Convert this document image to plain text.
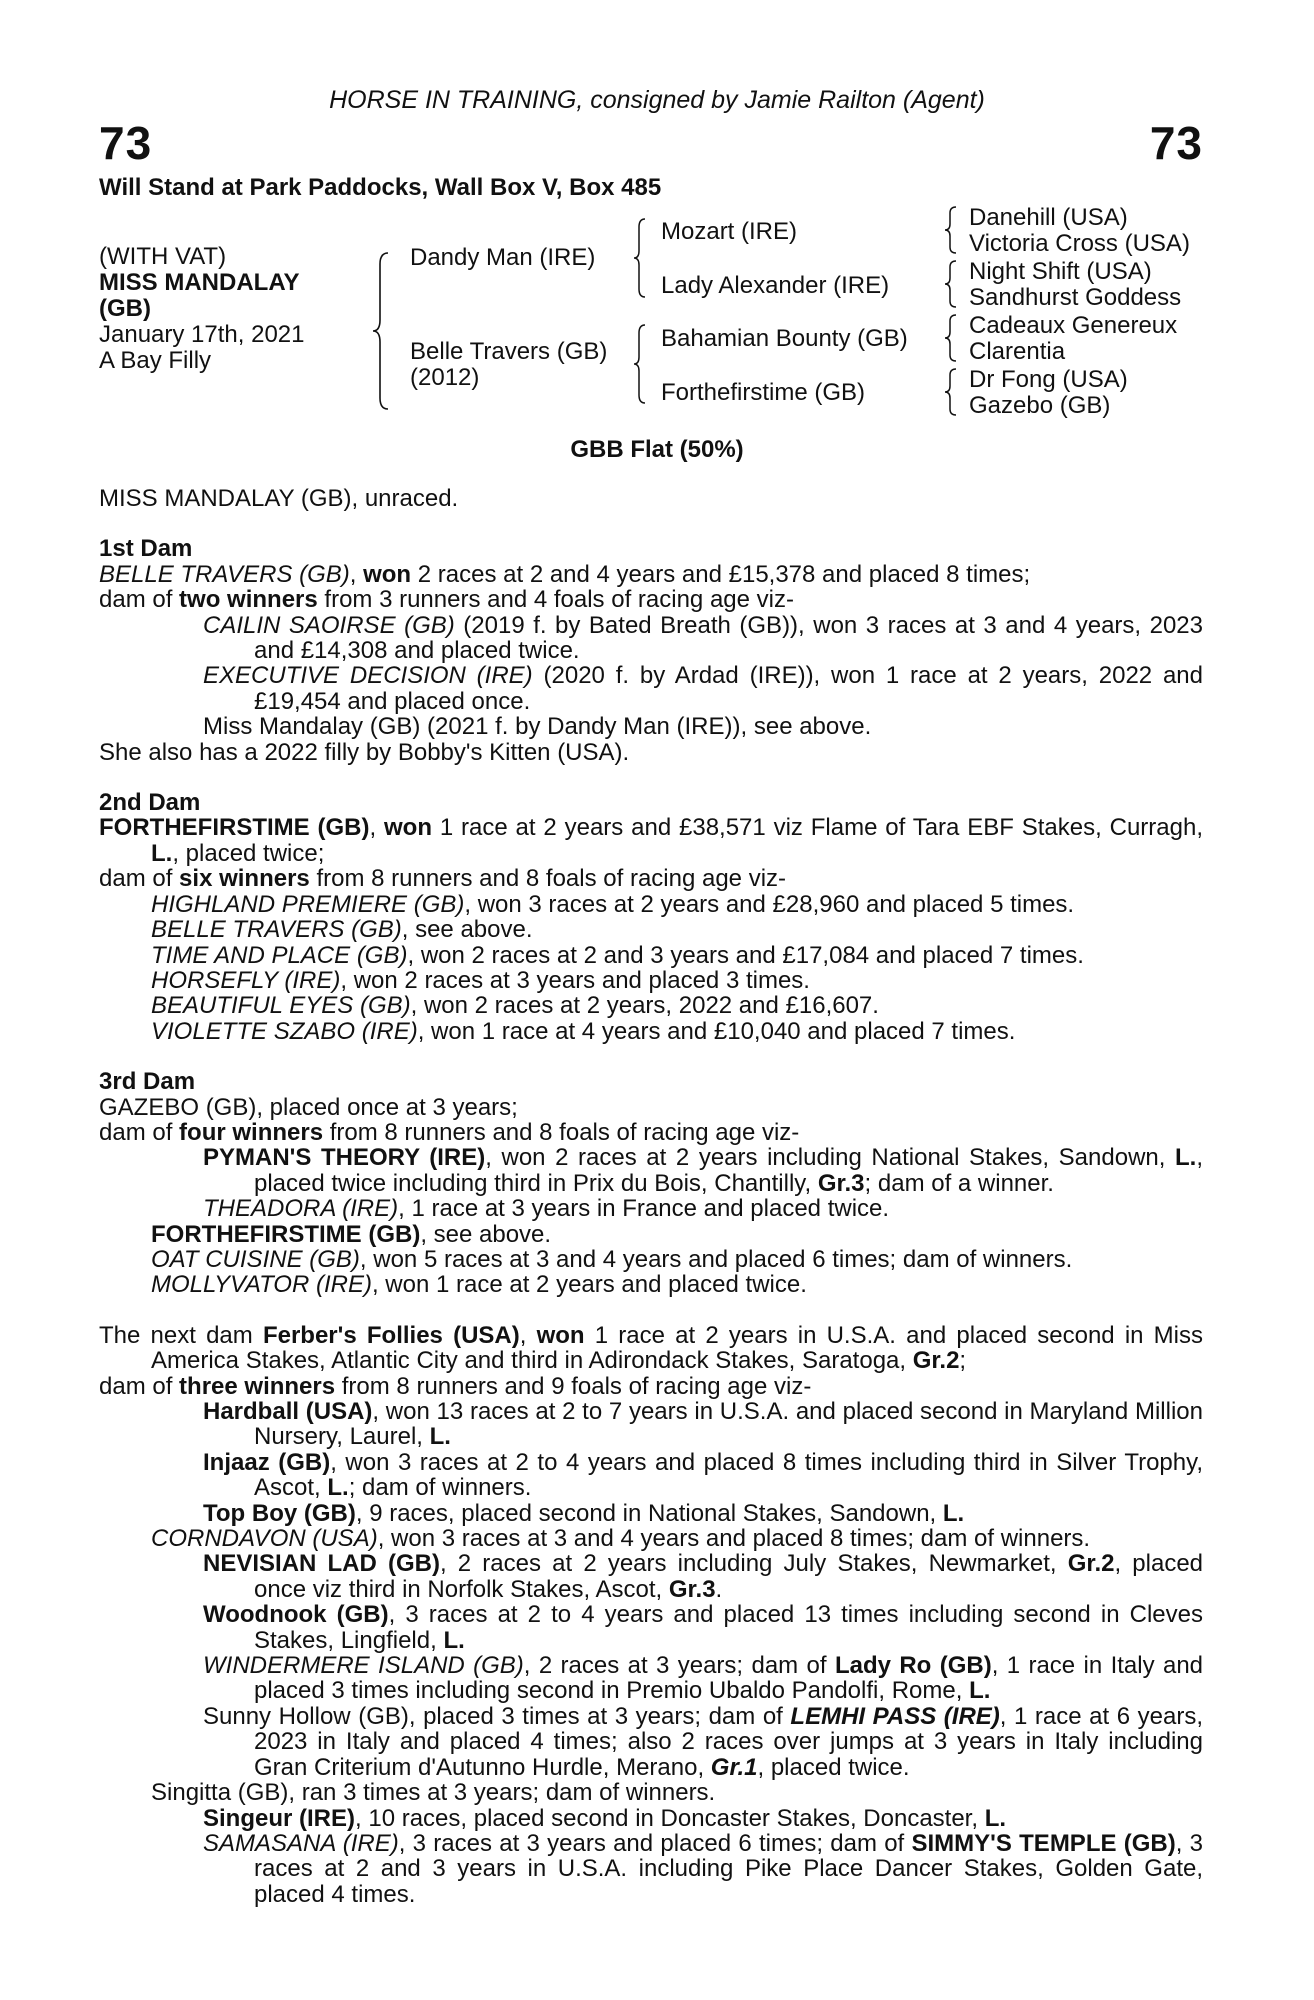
HORSE IN TRAINING, consigned by Jamie Railton (Agent)
73	73
Will Stand at Park Paddocks, Wall Box V, Box 485
(WITH VAT)
MISS MANDALAY
(GB)
January 17th, 2021
A Bay Filly
Dandy Man (IRE)
Belle Travers (GB)
(2012)
Mozart (IRE)
Lady Alexander (IRE)
Bahamian Bounty (GB)
Forthefirstime (GB)
Danehill (USA)
Victoria Cross (USA)
Night Shift (USA)
Sandhurst Goddess
Cadeaux Genereux
Clarentia
Dr Fong (USA)
Gazebo (GB)
GBB Flat (50%)

MISS MANDALAY (GB), unraced.

1st Dam

BELLE TRAVERS (GB), won 2 races at 2 and 4 years and £15,378 and placed 8 times;

dam of two winners from 3 runners and 4 foals of racing age viz-

CAILIN SAOIRSE (GB) (2019 f. by Bated Breath (GB)), won 3 races at 3 and 4 years, 2023 and £14,308 and placed twice.

EXECUTIVE DECISION (IRE) (2020 f. by Ardad (IRE)), won 1 race at 2 years, 2022 and £19,454 and placed once.

Miss Mandalay (GB) (2021 f. by Dandy Man (IRE)), see above.

She also has a 2022 filly by Bobby's Kitten (USA).

2nd Dam

FORTHEFIRSTIME (GB), won 1 race at 2 years and £38,571 viz Flame of Tara EBF Stakes, Curragh, L., placed twice;

dam of six winners from 8 runners and 8 foals of racing age viz-

HIGHLAND PREMIERE (GB), won 3 races at 2 years and £28,960 and placed 5 times.

BELLE TRAVERS (GB), see above.

TIME AND PLACE (GB), won 2 races at 2 and 3 years and £17,084 and placed 7 times.

HORSEFLY (IRE), won 2 races at 3 years and placed 3 times.

BEAUTIFUL EYES (GB), won 2 races at 2 years, 2022 and £16,607.

VIOLETTE SZABO (IRE), won 1 race at 4 years and £10,040 and placed 7 times.

3rd Dam

GAZEBO (GB), placed once at 3 years;

dam of four winners from 8 runners and 8 foals of racing age viz-

PYMAN'S THEORY (IRE), won 2 races at 2 years including National Stakes, Sandown, L., placed twice including third in Prix du Bois, Chantilly, Gr.3; dam of a winner.

THEADORA (IRE), 1 race at 3 years in France and placed twice.

FORTHEFIRSTIME (GB), see above.

OAT CUISINE (GB), won 5 races at 3 and 4 years and placed 6 times; dam of winners.

MOLLYVATOR (IRE), won 1 race at 2 years and placed twice.

The next dam Ferber's Follies (USA), won 1 race at 2 years in U.S.A. and placed second in Miss America Stakes, Atlantic City and third in Adirondack Stakes, Saratoga, Gr.2;

dam of three winners from 8 runners and 9 foals of racing age viz-

Hardball (USA), won 13 races at 2 to 7 years in U.S.A. and placed second in Maryland Million Nursery, Laurel, L.

Injaaz (GB), won 3 races at 2 to 4 years and placed 8 times including third in Silver Trophy, Ascot, L.; dam of winners.

Top Boy (GB), 9 races, placed second in National Stakes, Sandown, L.

CORNDAVON (USA), won 3 races at 3 and 4 years and placed 8 times; dam of winners.

NEVISIAN LAD (GB), 2 races at 2 years including July Stakes, Newmarket, Gr.2, placed once viz third in Norfolk Stakes, Ascot, Gr.3.

Woodnook (GB), 3 races at 2 to 4 years and placed 13 times including second in Cleves Stakes, Lingfield, L.

WINDERMERE ISLAND (GB), 2 races at 3 years; dam of Lady Ro (GB), 1 race in Italy and placed 3 times including second in Premio Ubaldo Pandolfi, Rome, L.

Sunny Hollow (GB), placed 3 times at 3 years; dam of LEMHI PASS (IRE), 1 race at 6 years, 2023 in Italy and placed 4 times; also 2 races over jumps at 3 years in Italy including Gran Criterium d'Autunno Hurdle, Merano, Gr.1, placed twice.

Singitta (GB), ran 3 times at 3 years; dam of winners.

Singeur (IRE), 10 races, placed second in Doncaster Stakes, Doncaster, L.

SAMASANA (IRE), 3 races at 3 years and placed 6 times; dam of SIMMY'S TEMPLE (GB), 3 races at 2 and 3 years in U.S.A. including Pike Place Dancer Stakes, Golden Gate, placed 4 times.
